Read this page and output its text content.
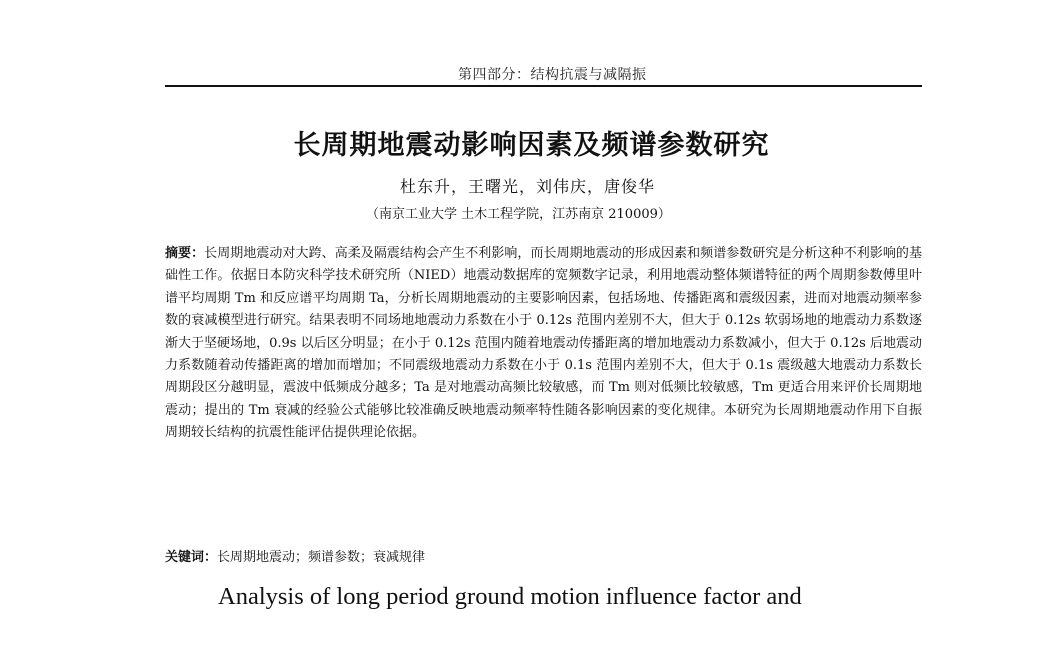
第四部分：结构抗震与减隔振
长周期地震动影响因素及频谱参数研究
杜东升，王曙光，刘伟庆，唐俊华
（南京工业大学 土木工程学院，江苏南京 210009）

摘要：长周期地震动对大跨、高柔及隔震结构会产生不利影响，而长周期地震动的形成因素和频谱参数研究是分析这种不利影响的基础性工作。依据日本防灾科学技术研究所（NIED）地震动数据库的宽频数字记录，利用地震动整体频谱特征的两个周期参数傅里叶谱平均周期 Tm 和反应谱平均周期 Ta，分析长周期地震动的主要影响因素，包括场地、传播距离和震级因素，进而对地震动频率参数的衰减模型进行研究。结果表明不同场地地震动力系数在小于 0.12s 范围内差别不大，但大于 0.12s 软弱场地的地震动力系数逐渐大于坚硬场地，0.9s 以后区分明显；在小于 0.12s 范围内随着地震动传播距离的增加地震动力系数减小，但大于 0.12s 后地震动力系数随着动传播距离的增加而增加；不同震级地震动力系数在小于 0.1s 范围内差别不大，但大于 0.1s 震级越大地震动力系数长周期段区分越明显，震波中低频成分越多；Ta 是对地震动高频比较敏感，而 Tm 则对低频比较敏感，Tm 更适合用来评价长周期地震动；提出的 Tm 衰减的经验公式能够比较准确反映地震动频率特性随各影响因素的变化规律。本研究为长周期地震动作用下自振周期较长结构的抗震性能评估提供理论依据。

关键词：长周期地震动；频谱参数；衰减规律
Analysis of long period ground motion influence factor and
